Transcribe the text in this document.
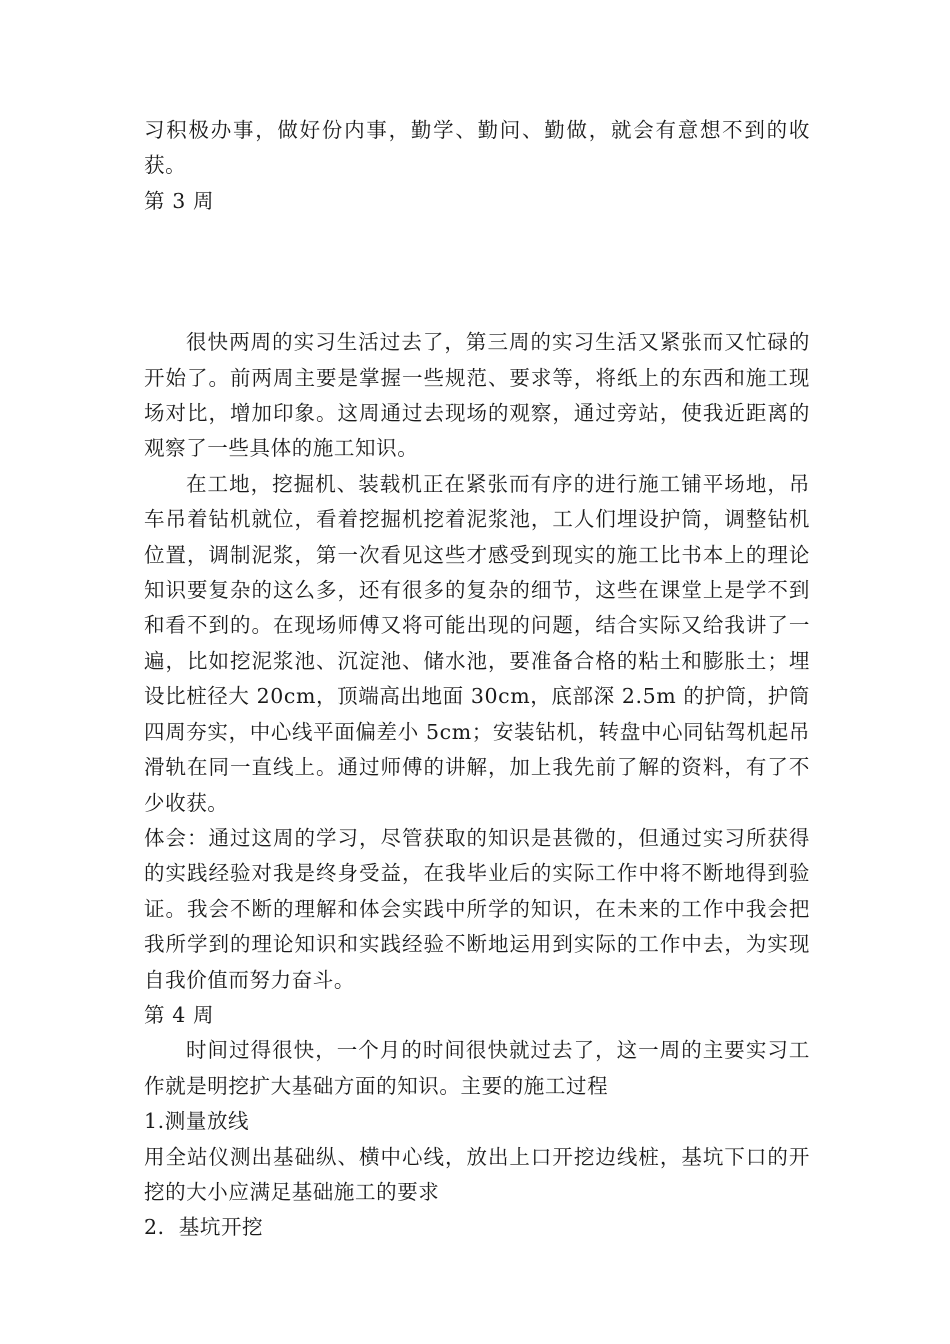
习积极办事，做好份内事，勤学、勤问、勤做，就会有意想不到的收获。

第 3 周

很快两周的实习生活过去了，第三周的实习生活又紧张而又忙碌的开始了。前两周主要是掌握一些规范、要求等，将纸上的东西和施工现场对比，增加印象。这周通过去现场的观察，通过旁站，使我近距离的观察了一些具体的施工知识。

在工地，挖掘机、装载机正在紧张而有序的进行施工铺平场地，吊车吊着钻机就位，看着挖掘机挖着泥浆池，工人们埋设护筒，调整钻机位置，调制泥浆，第一次看见这些才感受到现实的施工比书本上的理论知识要复杂的这么多，还有很多的复杂的细节，这些在课堂上是学不到和看不到的。在现场师傅又将可能出现的问题，结合实际又给我讲了一遍，比如挖泥浆池、沉淀池、储水池，要准备合格的粘土和膨胀土；埋设比桩径大 20cm，顶端高出地面 30cm，底部深 2.5m 的护筒，护筒四周夯实，中心线平面偏差小 5cm；安装钻机，转盘中心同钻驾机起吊滑轨在同一直线上。通过师傅的讲解，加上我先前了解的资料，有了不少收获。

体会：通过这周的学习，尽管获取的知识是甚微的，但通过实习所获得的实践经验对我是终身受益，在我毕业后的实际工作中将不断地得到验证。我会不断的理解和体会实践中所学的知识，在未来的工作中我会把我所学到的理论知识和实践经验不断地运用到实际的工作中去，为实现自我价值而努力奋斗。

第 4 周

时间过得很快，一个月的时间很快就过去了，这一周的主要实习工作就是明挖扩大基础方面的知识。主要的施工过程

1.测量放线

用全站仪测出基础纵、横中心线，放出上口开挖边线桩，基坑下口的开挖的大小应满足基础施工的要求

2．基坑开挖
